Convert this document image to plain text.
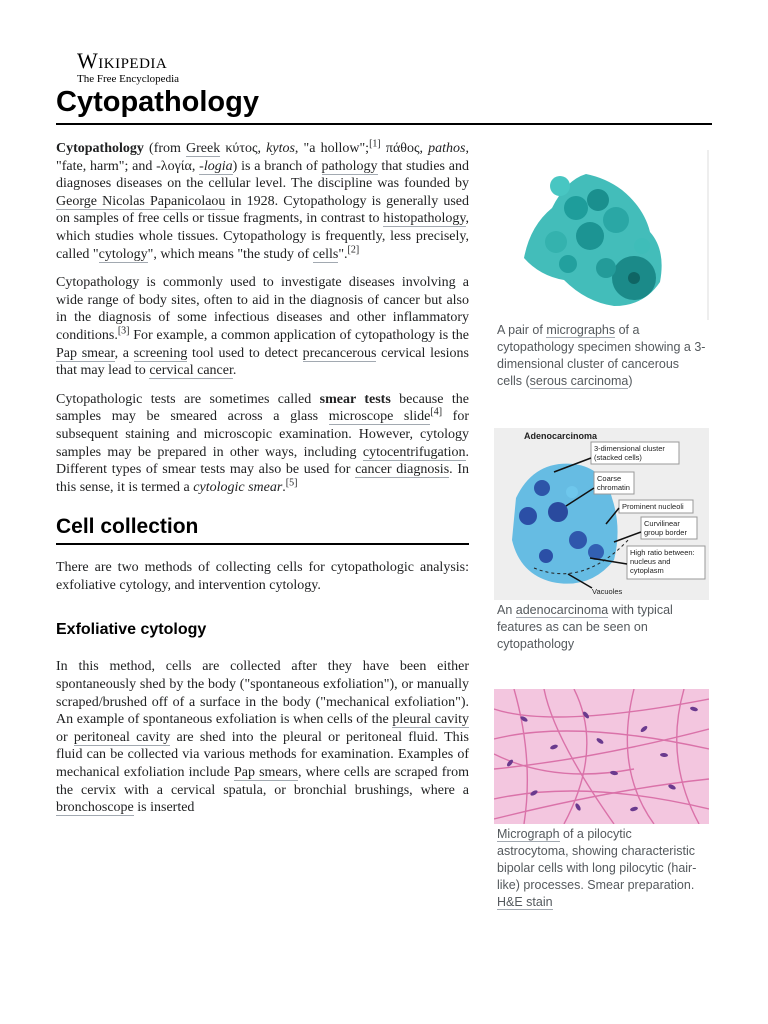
Wikipedia
The Free Encyclopedia
Cytopathology

Cytopathology (from Greek κύτος, kytos, "a hollow";[1] πάθος, pathos, "fate, harm"; and -λογία, -logia) is a branch of pathology that studies and diagnoses diseases on the cellular level. The discipline was founded by George Nicolas Papanicolaou in 1928. Cytopathology is generally used on samples of free cells or tissue fragments, in contrast to histopathology, which studies whole tissues. Cytopathology is frequently, less precisely, called "cytology", which means "the study of cells".[2]

Cytopathology is commonly used to investigate diseases involving a wide range of body sites, often to aid in the diagnosis of cancer but also in the diagnosis of some infectious diseases and other inflammatory conditions.[3] For example, a common application of cytopathology is the Pap smear, a screening tool used to detect precancerous cervical lesions that may lead to cervical cancer.

Cytopathologic tests are sometimes called smear tests because the samples may be smeared across a glass microscope slide[4] for subsequent staining and microscopic examination. However, cytology samples may be prepared in other ways, including cytocentrifugation. Different types of smear tests may also be used for cancer diagnosis. In this sense, it is termed a cytologic smear.[5]

Cell collection

There are two methods of collecting cells for cytopathologic analysis: exfoliative cytology, and intervention cytology.

Exfoliative cytology

In this method, cells are collected after they have been either spontaneously shed by the body ("spontaneous exfoliation"), or manually scraped/brushed off of a surface in the body ("mechanical exfoliation"). An example of spontaneous exfoliation is when cells of the pleural cavity or peritoneal cavity are shed into the pleural or peritoneal fluid. This fluid can be collected via various methods for examination. Examples of mechanical exfoliation include Pap smears, where cells are scraped from the cervix with a cervical spatula, or bronchial brushings, where a bronchoscope is inserted

A pair of micrographs of a cytopathology specimen showing a 3-dimensional cluster of cancerous cells (serous carcinoma)
Adenocarcinoma
3-dimensional cluster
(stacked cells)
Coarse
chromatin
Prominent nucleoli
Curvilinear
group border
High ratio between:
nucleus and
cytoplasm
Vacuoles
An adenocarcinoma with typical features as can be seen on cytopathology
Micrograph of a pilocytic astrocytoma, showing characteristic bipolar cells with long pilocytic (hair-like) processes. Smear preparation. H&E stain
